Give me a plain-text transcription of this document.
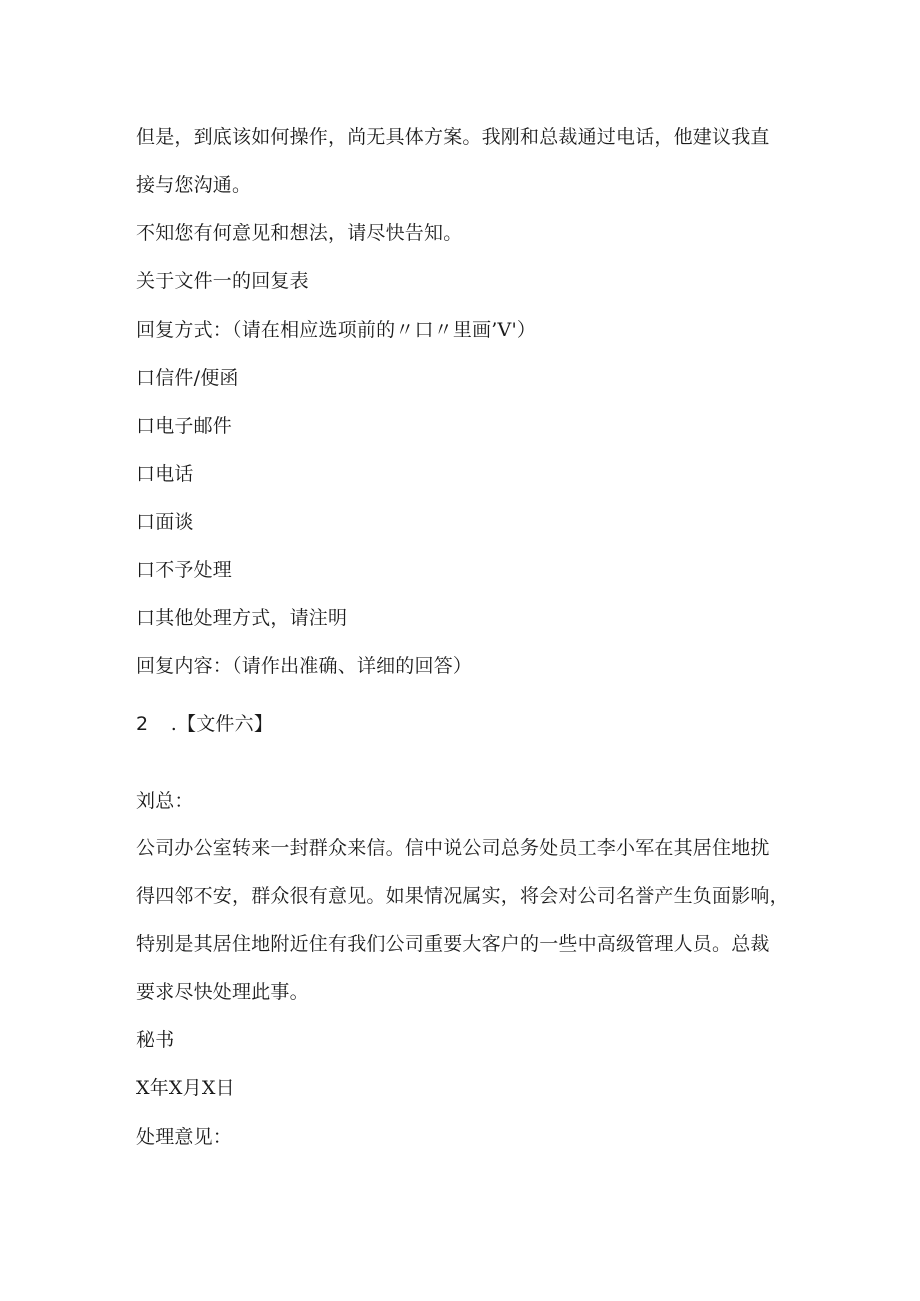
但是，到底该如何操作，尚无具体方案。我刚和总裁通过电话，他建议我直
接与您沟通。
不知您有何意见和想法，请尽快告知。
关于文件一的回复表
回复方式：（请在相应选项前的〃口〃里画’V'）
口信件/便函
口电子邮件
口电话
口面谈
口不予处理
口其他处理方式，请注明
回复内容：（请作出准确、详细的回答）
2 .【文件六】
刘总：
公司办公室转来一封群众来信。信中说公司总务处员工李小军在其居住地扰
得四邻不安，群众很有意见。如果情况属实，将会对公司名誉产生负面影响，
特别是其居住地附近住有我们公司重要大客户的一些中高级管理人员。总裁
要求尽快处理此事。
秘书
X年X月X日
处理意见：
